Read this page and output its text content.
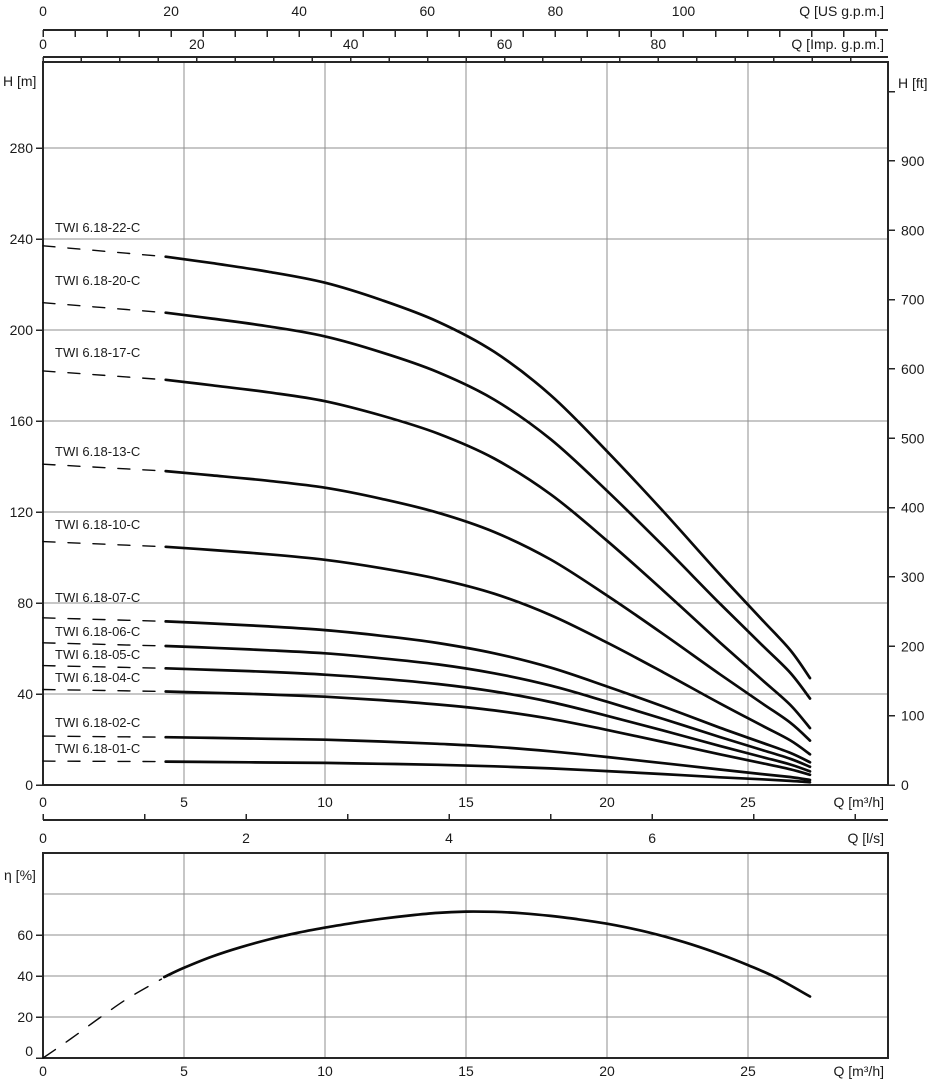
0	20	40	60	80	100	Q [US g.p.m.]
0	20	40	60	80	Q [Imp. g.p.m.]
0
40
80
120
160
200
240
280
H [m]
0
100
200
300
400
500
600
700
800
900
H [ft]
0	5	10	15	20	25	Q [m³/h]
0	2	4	6	Q [l/s]
TWI 6.18-22-C
TWI 6.18-20-C
TWI 6.18-17-C
TWI 6.18-13-C
TWI 6.18-10-C
TWI 6.18-07-C
TWI 6.18-06-C
TWI 6.18-05-C
TWI 6.18-04-C
TWI 6.18-02-C
TWI 6.18-01-C
0
20
40
60
η [%]
0	5	10	15	20	25	Q [m³/h]
